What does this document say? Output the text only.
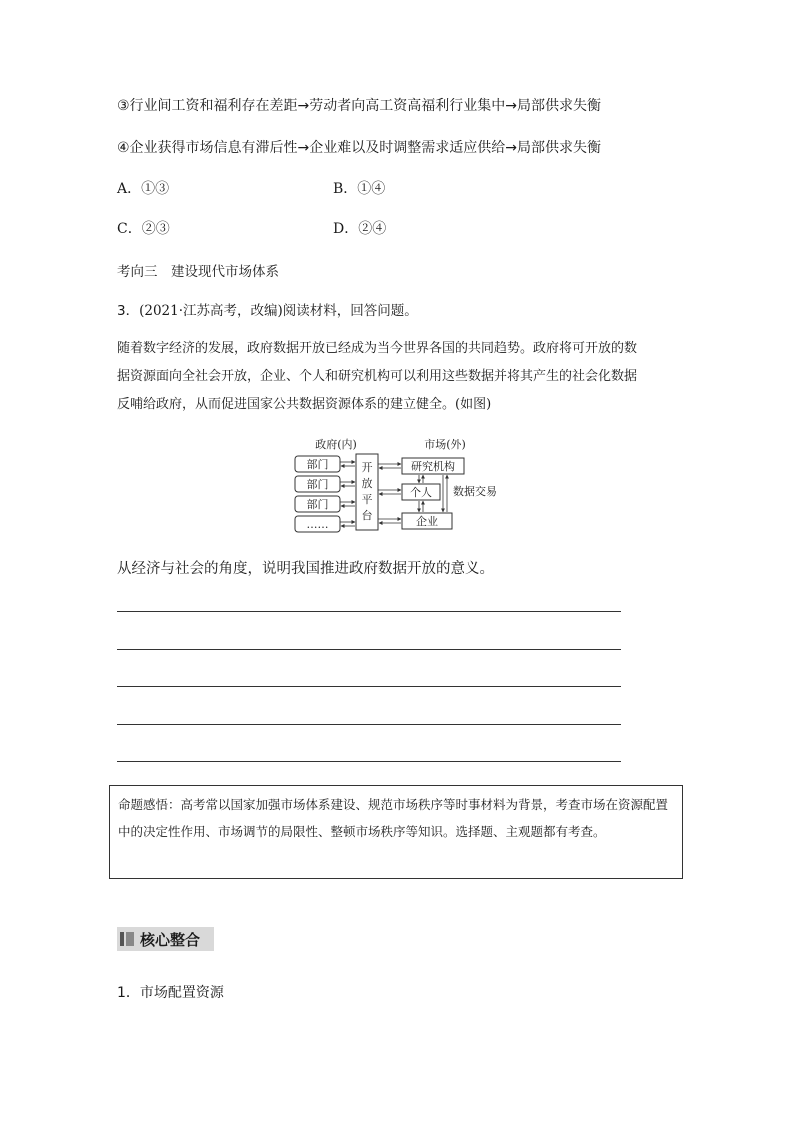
③行业间工资和福利存在差距→劳动者向高工资高福利行业集中→局部供求失衡
④企业获得市场信息有滞后性→企业难以及时调整需求适应供给→局部供求失衡
A．①③	B．①④
C．②③	D．②④
考向三　建设现代市场体系
3．(2021·江苏高考，改编)阅读材料，回答问题。
随着数字经济的发展，政府数据开放已经成为当今世界各国的共同趋势。政府将可开放的数
据资源面向全社会开放，企业、个人和研究机构可以利用这些数据并将其产生的社会化数据
反哺给政府，从而促进国家公共数据资源体系的建立健全。(如图)
政府(内)	市场(外)
部门
部门
部门
……
开
放
平
台
研究机构
个人
企业
数据交易
从经济与社会的角度，说明我国推进政府数据开放的意义。
命题感悟：高考常以国家加强市场体系建设、规范市场秩序等时事材料为背景，考查市场在资源配置中的决定性作用、市场调节的局限性、整顿市场秩序等知识。选择题、主观题都有考查。
核心整合
1．市场配置资源
